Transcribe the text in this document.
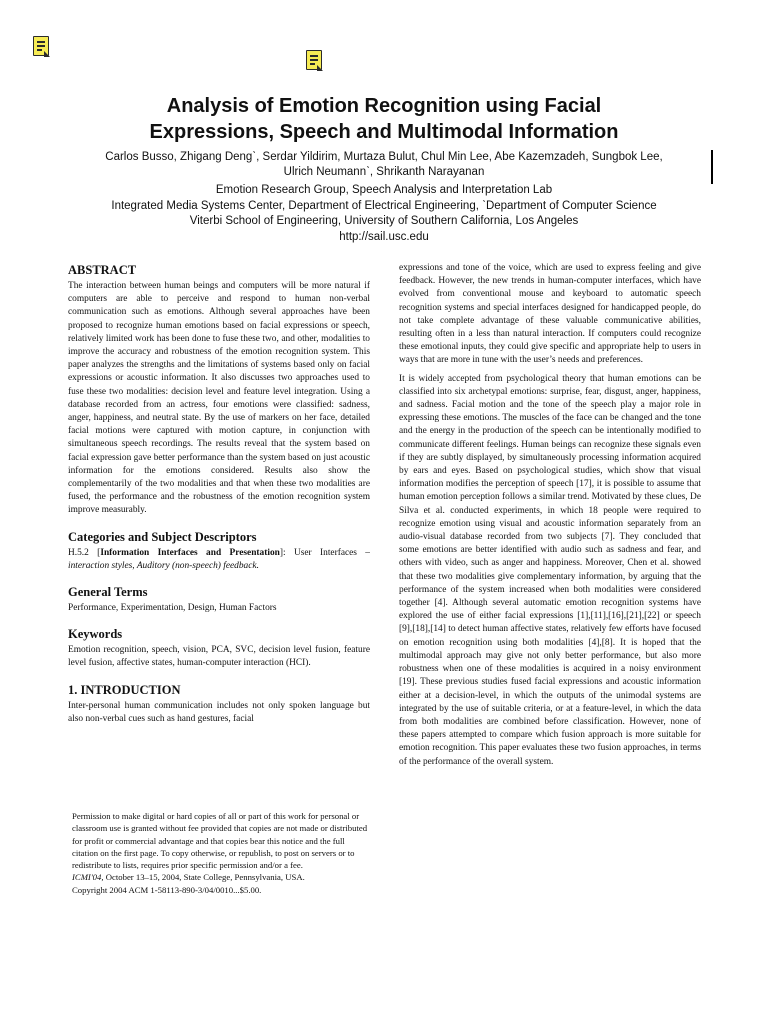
Analysis of Emotion Recognition using Facial
Expressions, Speech and Multimodal Information
Carlos Busso, Zhigang Dengˋ, Serdar Yildirim, Murtaza Bulut, Chul Min Lee, Abe Kazemzadeh, Sungbok Lee,
Ulrich Neumannˋ, Shrikanth Narayanan
Emotion Research Group, Speech Analysis and Interpretation Lab
Integrated Media Systems Center, Department of Electrical Engineering, ˋDepartment of Computer Science
Viterbi School of Engineering, University of Southern California, Los Angeles
http://sail.usc.edu
ABSTRACT

The interaction between human beings and computers will be more natural if computers are able to perceive and respond to human non-verbal communication such as emotions. Although several approaches have been proposed to recognize human emotions based on facial expressions or speech, relatively limited work has been done to fuse these two, and other, modalities to improve the accuracy and robustness of the emotion recognition system. This paper analyzes the strengths and the limitations of systems based only on facial expressions or acoustic information. It also discusses two approaches used to fuse these two modalities: decision level and feature level integration. Using a database recorded from an actress, four emotions were classified: sadness, anger, happiness, and neutral state. By the use of markers on her face, detailed facial motions were captured with motion capture, in conjunction with simultaneous speech recordings. The results reveal that the system based on facial expression gave better performance than the system based on just acoustic information for the emotions considered. Results also show the complementarily of the two modalities and that when these two modalities are fused, the performance and the robustness of the emotion recognition system improve measurably.

Categories and Subject Descriptors

H.5.2 [Information Interfaces and Presentation]: User Interfaces – interaction styles, Auditory (non-speech) feedback.

General Terms

Performance, Experimentation, Design, Human Factors

Keywords

Emotion recognition, speech, vision, PCA, SVC, decision level fusion, feature level fusion, affective states, human-computer interaction (HCI).

1. INTRODUCTION

Inter-personal human communication includes not only spoken language but also non-verbal cues such as hand gestures, facial

Permission to make digital or hard copies of all or part of this work for personal or classroom use is granted without fee provided that copies are not made or distributed for profit or commercial advantage and that copies bear this notice and the full citation on the first page. To copy otherwise, or republish, to post on servers or to redistribute to lists, requires prior specific permission and/or a fee.

ICMI'04, October 13–15, 2004, State College, Pennsylvania, USA.

Copyright 2004 ACM 1-58113-890-3/04/0010...$5.00.

expressions and tone of the voice, which are used to express feeling and give feedback. However, the new trends in human-computer interfaces, which have evolved from conventional mouse and keyboard to automatic speech recognition systems and special interfaces designed for handicapped people, do not take complete advantage of these valuable communicative abilities, resulting often in a less than natural interaction. If computers could recognize these emotional inputs, they could give specific and appropriate help to users in ways that are more in tune with the user’s needs and preferences.

It is widely accepted from psychological theory that human emotions can be classified into six archetypal emotions: surprise, fear, disgust, anger, happiness, and sadness. Facial motion and the tone of the speech play a major role in expressing these emotions. The muscles of the face can be changed and the tone and the energy in the production of the speech can be intentionally modified to communicate different feelings. Human beings can recognize these signals even if they are subtly displayed, by simultaneously processing information acquired by ears and eyes. Based on psychological studies, which show that visual information modifies the perception of speech [17], it is possible to assume that human emotion perception follows a similar trend. Motivated by these clues, De Silva et al. conducted experiments, in which 18 people were required to recognize emotion using visual and acoustic information separately from an audio-visual database recorded from two subjects [7]. They concluded that some emotions are better identified with audio such as sadness and fear, and others with video, such as anger and happiness. Moreover, Chen et al. showed that these two modalities give complementary information, by arguing that the performance of the system increased when both modalities were considered together [4]. Although several automatic emotion recognition systems have explored the use of either facial expressions [1],[11],[16],[21],[22] or speech [9],[18],[14] to detect human affective states, relatively few efforts have focused on emotion recognition using both modalities [4],[8]. It is hoped that the multimodal approach may give not only better performance, but also more robustness when one of these modalities is acquired in a noisy environment [19]. These previous studies fused facial expressions and acoustic information either at a decision-level, in which the outputs of the unimodal systems are integrated by the use of suitable criteria, or at a feature-level, in which the data from both modalities are combined before classification. However, none of these papers attempted to compare which fusion approach is more suitable for emotion recognition. This paper evaluates these two fusion approaches, in terms of the performance of the overall system.
